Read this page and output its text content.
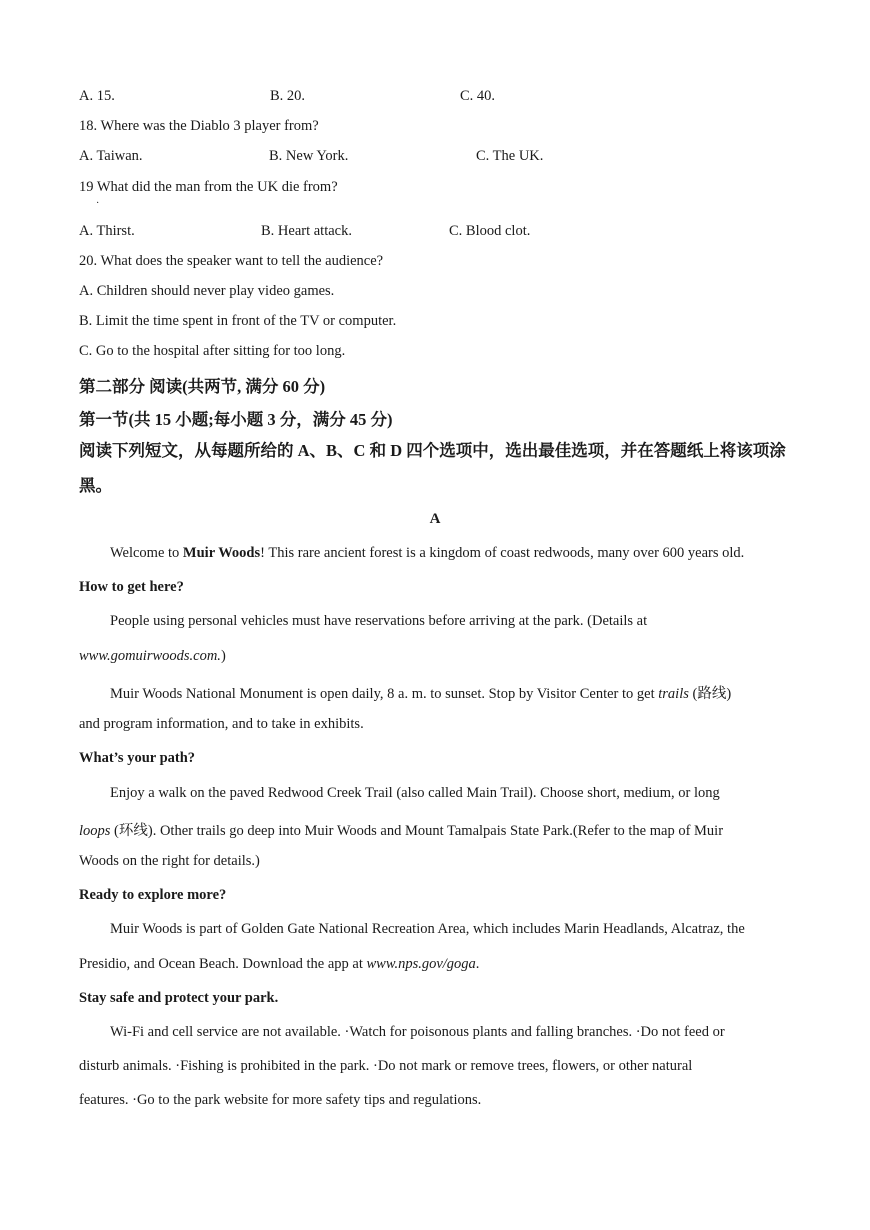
A. 15.	B. 20.	C. 40.
18. Where was the Diablo 3 player from?
A. Taiwan.	B. New York.	C. The UK.
19 What did the man from the UK die from?
·
A. Thirst.	B. Heart attack.	C. Blood clot.
20. What does the speaker want to tell the audience?
A. Children should never play video games.
B. Limit the time spent in front of the TV or computer.
C. Go to the hospital after sitting for too long.
第二部分 阅读(共两节, 满分 60 分)
第一节(共 15 小题;每小题 3 分，满分 45 分)
阅读下列短文，从每题所给的 A、B、C 和 D 四个选项中，选出最佳选项，并在答题纸上将该项涂黑。
A
Welcome to Muir Woods! This rare ancient forest is a kingdom of coast redwoods, many over 600 years old.
How to get here?
People using personal vehicles must have reservations before arriving at the park. (Details at
www.gomuirwoods.com.)
Muir Woods National Monument is open daily, 8 a. m. to sunset. Stop by Visitor Center to get trails (路线)
and program information, and to take in exhibits.
What’s your path?
Enjoy a walk on the paved Redwood Creek Trail (also called Main Trail). Choose short, medium, or long
loops (环线). Other trails go deep into Muir Woods and Mount Tamalpais State Park.(Refer to the map of Muir
Woods on the right for details.)
Ready to explore more?
Muir Woods is part of Golden Gate National Recreation Area, which includes Marin Headlands, Alcatraz, the
Presidio, and Ocean Beach. Download the app at www.nps.gov/goga.
Stay safe and protect your park.
Wi-Fi and cell service are not available. ·Watch for poisonous plants and falling branches. ·Do not feed or
disturb animals. ·Fishing is prohibited in the park. ·Do not mark or remove trees, flowers, or other natural
features. ·Go to the park website for more safety tips and regulations.
